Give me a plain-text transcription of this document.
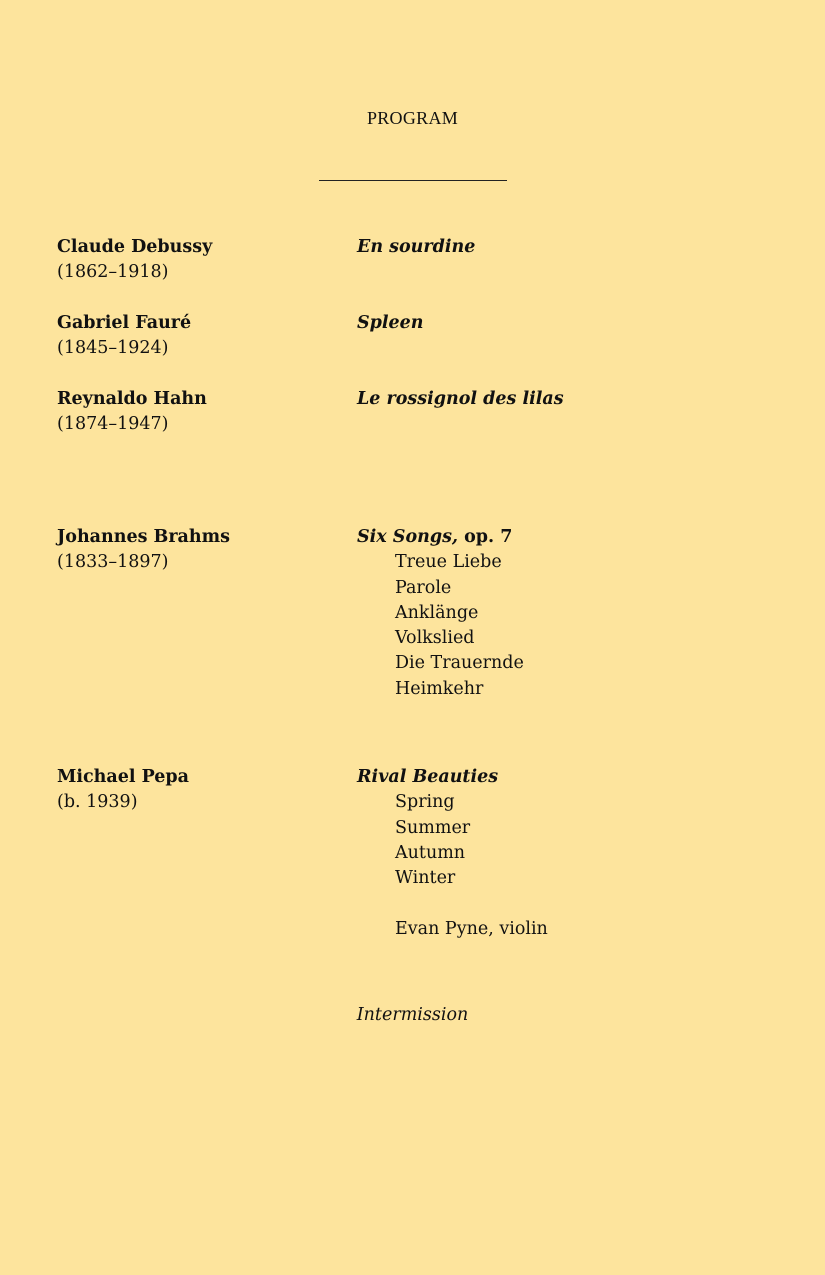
PROGRAM
Claude Debussy
(1862–1918)
En sourdine
Gabriel Fauré
(1845–1924)
Spleen
Reynaldo Hahn
(1874–1947)
Le rossignol des lilas
Johannes Brahms
(1833–1897)
Six Songs, op. 7
Treue Liebe
Parole
Anklänge
Volkslied
Die Trauernde
Heimkehr
Michael Pepa
(b. 1939)
Rival Beauties
Spring
Summer
Autumn
Winter
Evan Pyne, violin
Intermission
